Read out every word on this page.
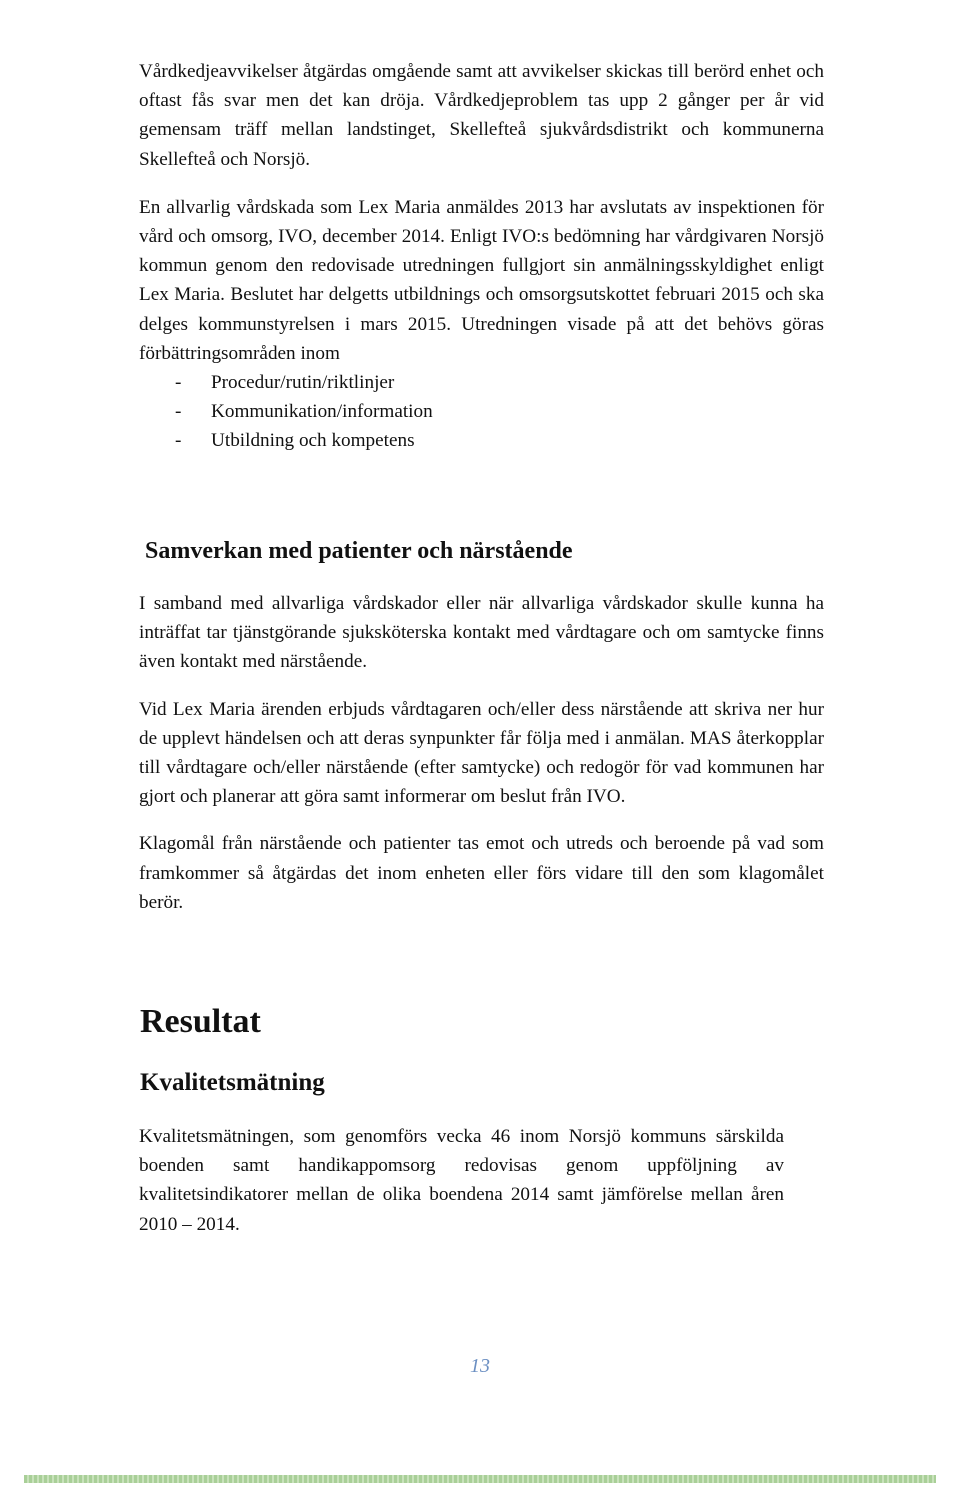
Vårdkedjeavvikelser åtgärdas omgående samt att avvikelser skickas till berörd enhet och oftast fås svar men det kan dröja. Vårdkedjeproblem tas upp 2 gånger per år vid gemensam träff mellan landstinget, Skellefteå sjukvårdsdistrikt och kommunerna Skellefteå och Norsjö.

En allvarlig vårdskada som Lex Maria anmäldes 2013 har avslutats av inspektionen för vård och omsorg, IVO, december 2014. Enligt IVO:s bedömning har vårdgivaren Norsjö kommun genom den redovisade utredningen fullgjort sin anmälningsskyldighet enligt Lex Maria. Beslutet har delgetts utbildnings och omsorgsutskottet februari 2015 och ska delges kommunstyrelsen i mars 2015. Utredningen visade på att det behövs göras förbättringsområden inom

- Procedur/rutin/riktlinjer
- Kommunikation/information
- Utbildning och kompetens
Samverkan med patienter och närstående

I samband med allvarliga vårdskador eller när allvarliga vårdskador skulle kunna ha inträffat tar tjänstgörande sjuksköterska kontakt med vårdtagare och om samtycke finns även kontakt med närstående.

Vid Lex Maria ärenden erbjuds vårdtagaren och/eller dess närstående att skriva ner hur de upplevt händelsen och att deras synpunkter får följa med i anmälan. MAS återkopplar till vårdtagare och/eller närstående (efter samtycke) och redogör för vad kommunen har gjort och planerar att göra samt informerar om beslut från IVO.

Klagomål från närstående och patienter tas emot och utreds och beroende på vad som framkommer så åtgärdas det inom enheten eller förs vidare till den som klagomålet berör.

Resultat
Kvalitetsmätning

Kvalitetsmätningen, som genomförs vecka 46 inom Norsjö kommuns särskilda boenden samt handikappomsorg redovisas genom uppföljning av kvalitetsindikatorer mellan de olika boendena 2014 samt jämförelse mellan åren 2010 – 2014.

13
